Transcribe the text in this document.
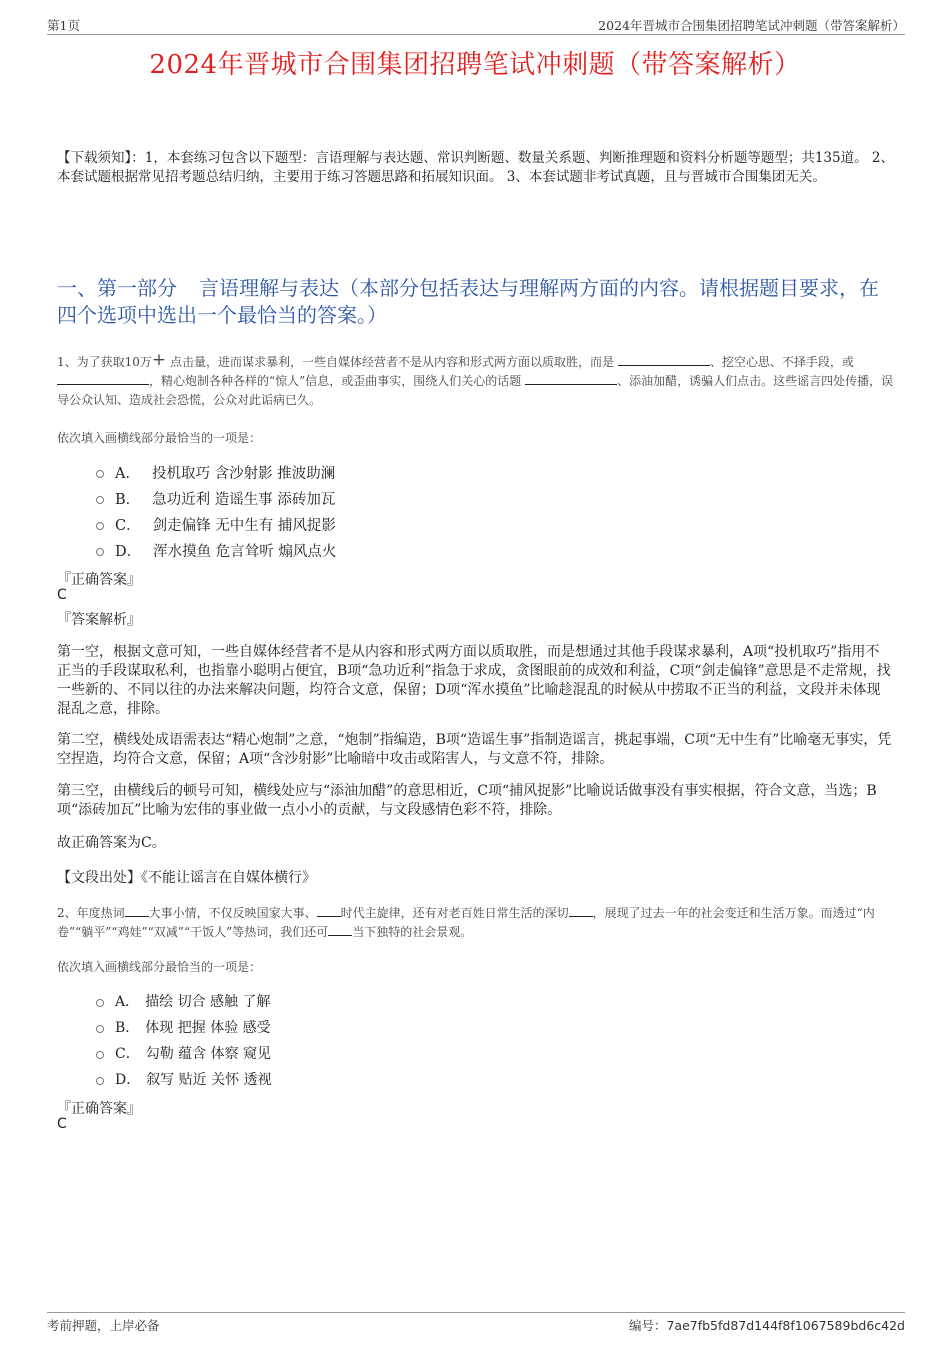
第1页	2024年晋城市合围集团招聘笔试冲刺题（带答案解析）
2024年晋城市合围集团招聘笔试冲刺题（带答案解析）
【下载须知】：1，本套练习包含以下题型：言语理解与表达题、常识判断题、数量关系题、判断推理题和资料分析题等题型；共135道。 2、本套试题根据常见招考题总结归纳，主要用于练习答题思路和拓展知识面。 3、本套试题非考试真题，且与晋城市合围集团无关。
一、第一部分 言语理解与表达（本部分包括表达与理解两方面的内容。请根据题目要求，在四个选项中选出一个最恰当的答案。）
1、为了获取10万+ 点击量，进而谋求暴利，一些自媒体经营者不是从内容和形式两方面以质取胜，而是	、挖空心思、不择手段，或 ，精心炮制各种各样的“惊人”信息，或歪曲事实，围绕人们关心的话题	、添油加醋，诱骗人们点击。这些谣言四处传播，误导公众认知、造成社会恐慌，公众对此诟病已久。
依次填入画横线部分最恰当的一项是：
A． 投机取巧 含沙射影 推波助澜
B． 急功近利 造谣生事 添砖加瓦
C． 剑走偏锋 无中生有 捕风捉影
D． 浑水摸鱼 危言耸听 煽风点火
『正确答案』
C
『答案解析』
第一空，根据文意可知，一些自媒体经营者不是从内容和形式两方面以质取胜，而是想通过其他手段谋求暴利，A项“投机取巧”指用不正当的手段谋取私利，也指靠小聪明占便宜，B项“急功近利”指急于求成，贪图眼前的成效和利益，C项“剑走偏锋”意思是不走常规，找一些新的、不同以往的办法来解决问题，均符合文意，保留；D项“浑水摸鱼”比喻趁混乱的时候从中捞取不正当的利益，文段并未体现混乱之意，排除。
第二空，横线处成语需表达“精心炮制”之意，“炮制”指编造，B项“造谣生事”指制造谣言，挑起事端，C项“无中生有”比喻毫无事实，凭空捏造，均符合文意，保留；A项“含沙射影”比喻暗中攻击或陷害人，与文意不符，排除。
第三空，由横线后的顿号可知，横线处应与“添油加醋”的意思相近，C项“捕风捉影”比喻说话做事没有事实根据，符合文意，当选；B项“添砖加瓦”比喻为宏伟的事业做一点小小的贡献，与文段感情色彩不符，排除。
故正确答案为C。
【文段出处】《不能让谣言在自媒体横行》
2、年度热词 大事小情，不仅反映国家大事、 时代主旋律，还有对老百姓日常生活的深切 ，展现了过去一年的社会变迁和生活万象。而透过“内卷”“躺平”“鸡娃”“双减”“干饭人”等热词，我们还可 当下独特的社会景观。
依次填入画横线部分最恰当的一项是：
A． 描绘 切合 感触 了解
B． 体现 把握 体验 感受
C． 勾勒 蕴含 体察 窥见
D． 叙写 贴近 关怀 透视
『正确答案』
C
考前押题，上岸必备	编号：7ae7fb5fd87d144f8f1067589bd6c42d
